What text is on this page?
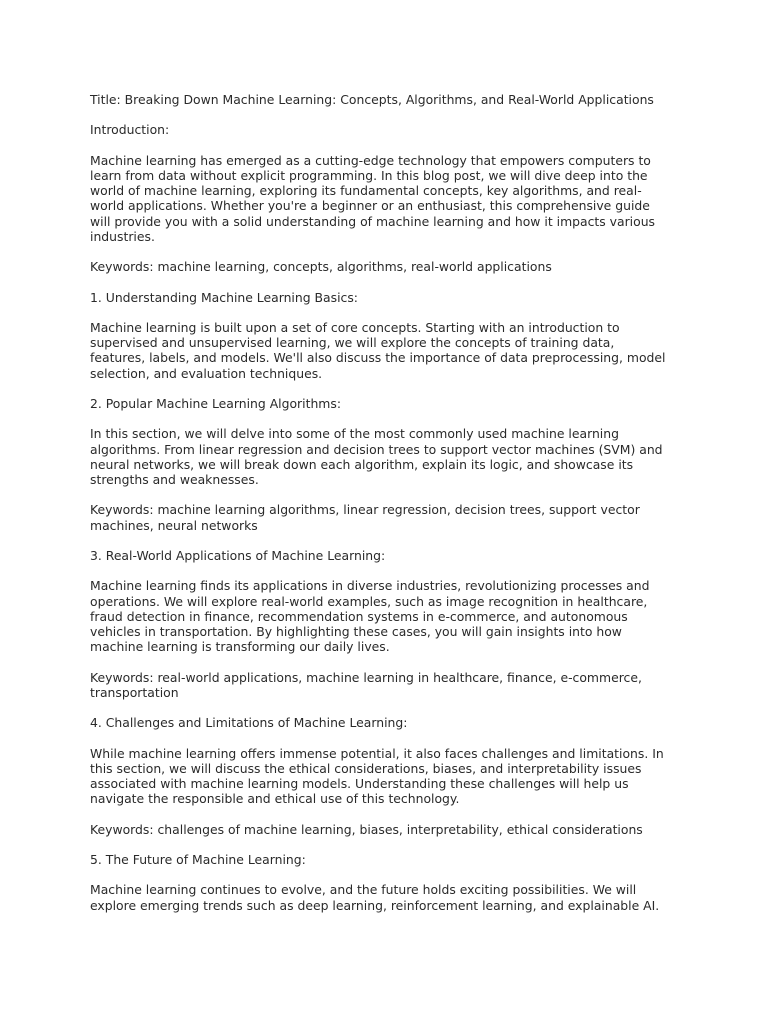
Title: Breaking Down Machine Learning: Concepts, Algorithms, and Real-World Applications

Introduction:

Machine learning has emerged as a cutting-edge technology that empowers computers to
learn from data without explicit programming. In this blog post, we will dive deep into the
world of machine learning, exploring its fundamental concepts, key algorithms, and real-
world applications. Whether you're a beginner or an enthusiast, this comprehensive guide
will provide you with a solid understanding of machine learning and how it impacts various
industries.

Keywords: machine learning, concepts, algorithms, real-world applications

1. Understanding Machine Learning Basics:

Machine learning is built upon a set of core concepts. Starting with an introduction to
supervised and unsupervised learning, we will explore the concepts of training data,
features, labels, and models. We'll also discuss the importance of data preprocessing, model
selection, and evaluation techniques.

2. Popular Machine Learning Algorithms:

In this section, we will delve into some of the most commonly used machine learning
algorithms. From linear regression and decision trees to support vector machines (SVM) and
neural networks, we will break down each algorithm, explain its logic, and showcase its
strengths and weaknesses.

Keywords: machine learning algorithms, linear regression, decision trees, support vector
machines, neural networks

3. Real-World Applications of Machine Learning:

Machine learning finds its applications in diverse industries, revolutionizing processes and
operations. We will explore real-world examples, such as image recognition in healthcare,
fraud detection in finance, recommendation systems in e-commerce, and autonomous
vehicles in transportation. By highlighting these cases, you will gain insights into how
machine learning is transforming our daily lives.

Keywords: real-world applications, machine learning in healthcare, finance, e-commerce,
transportation

4. Challenges and Limitations of Machine Learning:

While machine learning offers immense potential, it also faces challenges and limitations. In
this section, we will discuss the ethical considerations, biases, and interpretability issues
associated with machine learning models. Understanding these challenges will help us
navigate the responsible and ethical use of this technology.

Keywords: challenges of machine learning, biases, interpretability, ethical considerations

5. The Future of Machine Learning:

Machine learning continues to evolve, and the future holds exciting possibilities. We will
explore emerging trends such as deep learning, reinforcement learning, and explainable AI.
